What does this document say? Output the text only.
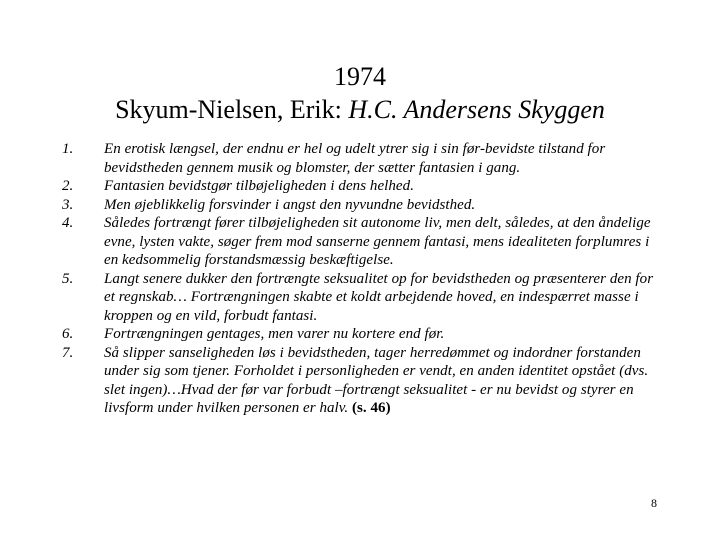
1974
Skyum-Nielsen, Erik: H.C. Andersens Skyggen
1.	En erotisk længsel, der endnu er hel og udelt ytrer sig i sin før-bevidste tilstand for bevidstheden gennem musik og blomster, der sætter fantasien i gang.
2.	Fantasien bevidstgør tilbøjeligheden i dens helhed.
3.	Men øjeblikkelig forsvinder i angst den nyvundne bevidsthed.
4.	Således fortrængt fører tilbøjeligheden sit autonome liv, men delt, således, at den åndelige evne, lysten vakte, søger frem mod sanserne gennem fantasi, mens idealiteten forplumres i en kedsommelig forstandsmæssig beskæftigelse.
5.	Langt senere dukker den fortrængte seksualitet op for bevidstheden og præsenterer den for et regnskab… Fortrængningen skabte et koldt arbejdende hoved, en indespærret masse i kroppen og en vild, forbudt fantasi.
6.	Fortrængningen gentages, men varer nu kortere end før.
7.	Så slipper sanseligheden løs i bevidstheden, tager herredømmet og indordner forstanden under sig som tjener. Forholdet i personligheden er vendt, en anden identitet opstået (dvs. slet ingen)…Hvad der før var forbudt –fortrængt seksualitet - er nu bevidst og styrer en livsform under hvilken personen er halv. (s. 46)
8
